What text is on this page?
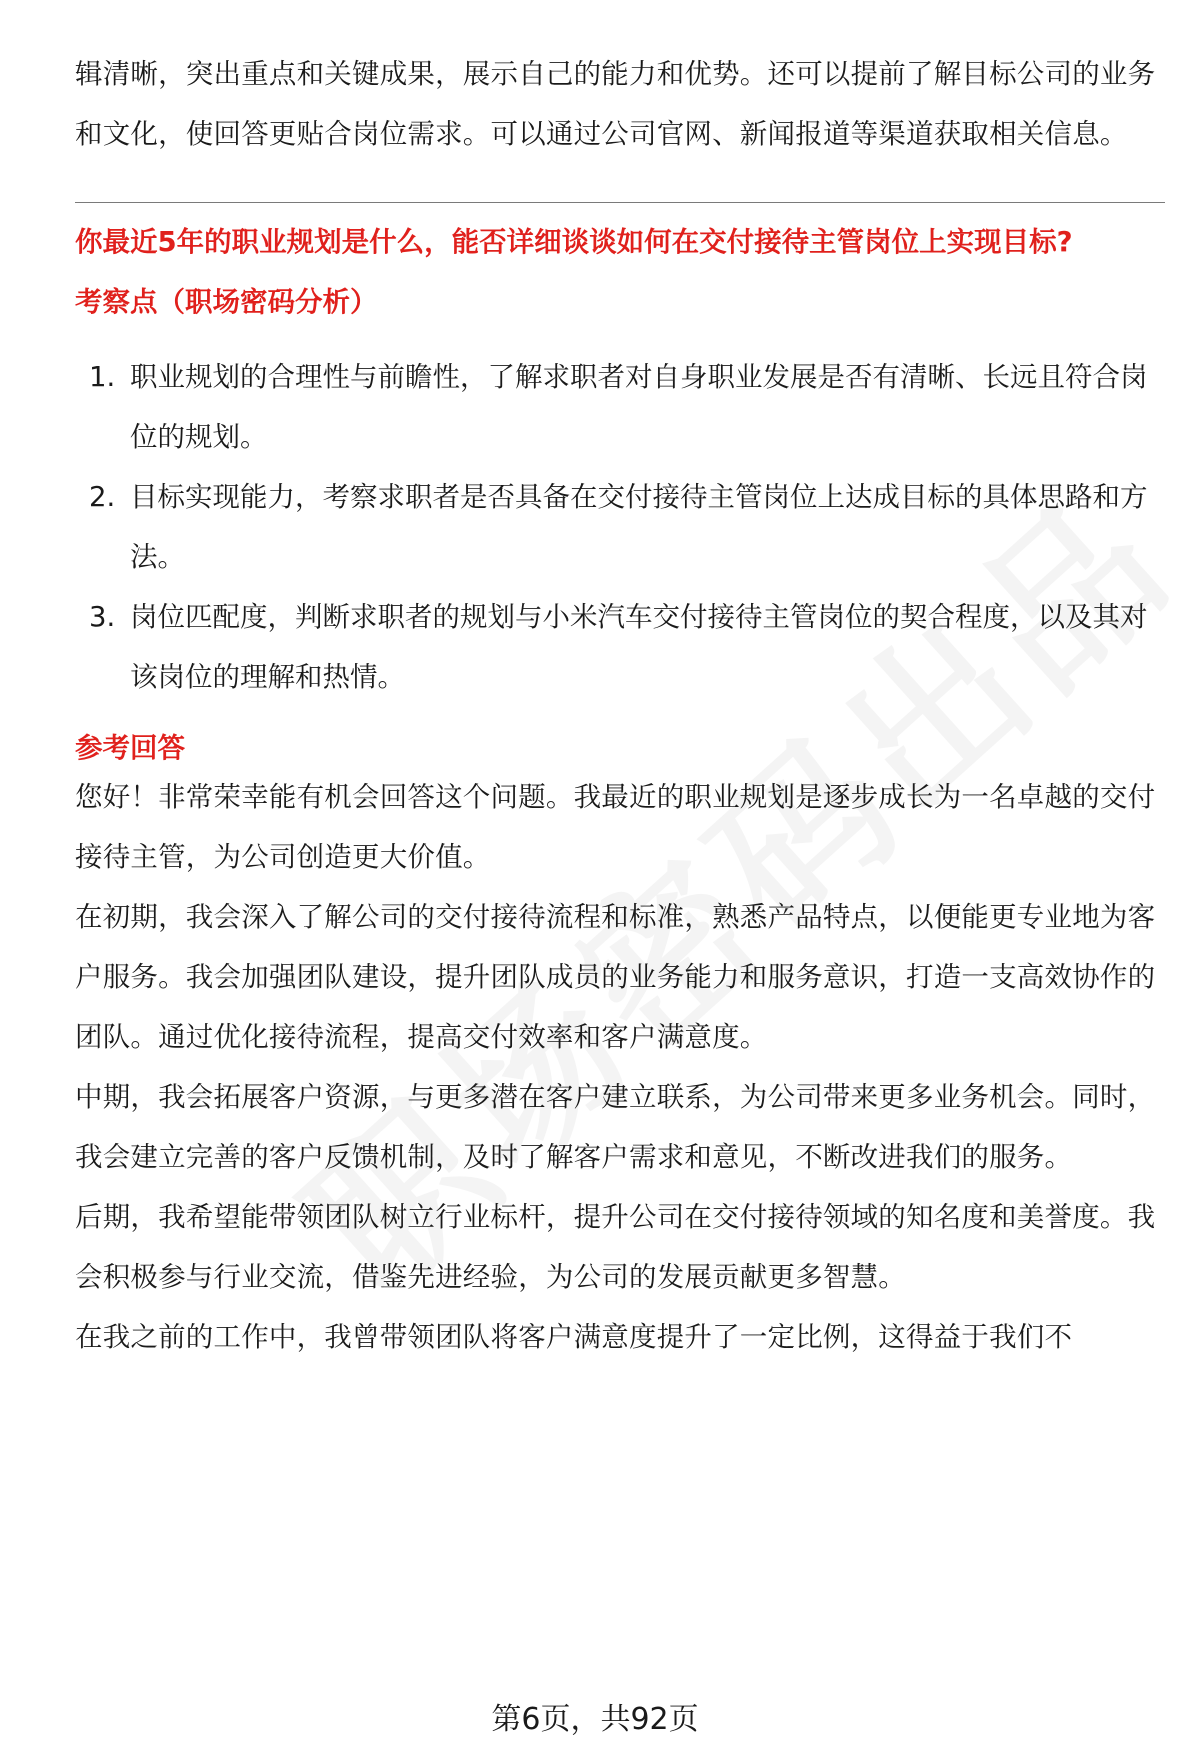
辑清晰，突出重点和关键成果，展示自己的能力和优势。还可以提前了解目标公司的业务和文化，使回答更贴合岗位需求。可以通过公司官网、新闻报道等渠道获取相关信息。

你最近5年的职业规划是什么，能否详细谈谈如何在交付接待主管岗位上实现目标?
考察点（职场密码分析）
1. 职业规划的合理性与前瞻性，了解求职者对自身职业发展是否有清晰、长远且符合岗位的规划。
2. 目标实现能力，考察求职者是否具备在交付接待主管岗位上达成目标的具体思路和方法。
3. 岗位匹配度，判断求职者的规划与小米汽车交付接待主管岗位的契合程度，以及其对该岗位的理解和热情。
参考回答

您好！非常荣幸能有机会回答这个问题。我最近的职业规划是逐步成长为一名卓越的交付接待主管，为公司创造更大价值。

在初期，我会深入了解公司的交付接待流程和标准，熟悉产品特点，以便能更专业地为客户服务。我会加强团队建设，提升团队成员的业务能力和服务意识，打造一支高效协作的团队。通过优化接待流程，提高交付效率和客户满意度。

中期，我会拓展客户资源，与更多潜在客户建立联系，为公司带来更多业务机会。同时，我会建立完善的客户反馈机制，及时了解客户需求和意见，不断改进我们的服务。

后期，我希望能带领团队树立行业标杆，提升公司在交付接待领域的知名度和美誉度。我会积极参与行业交流，借鉴先进经验，为公司的发展贡献更多智慧。

在我之前的工作中，我曾带领团队将客户满意度提升了一定比例，这得益于我们不

第6页，共92页
